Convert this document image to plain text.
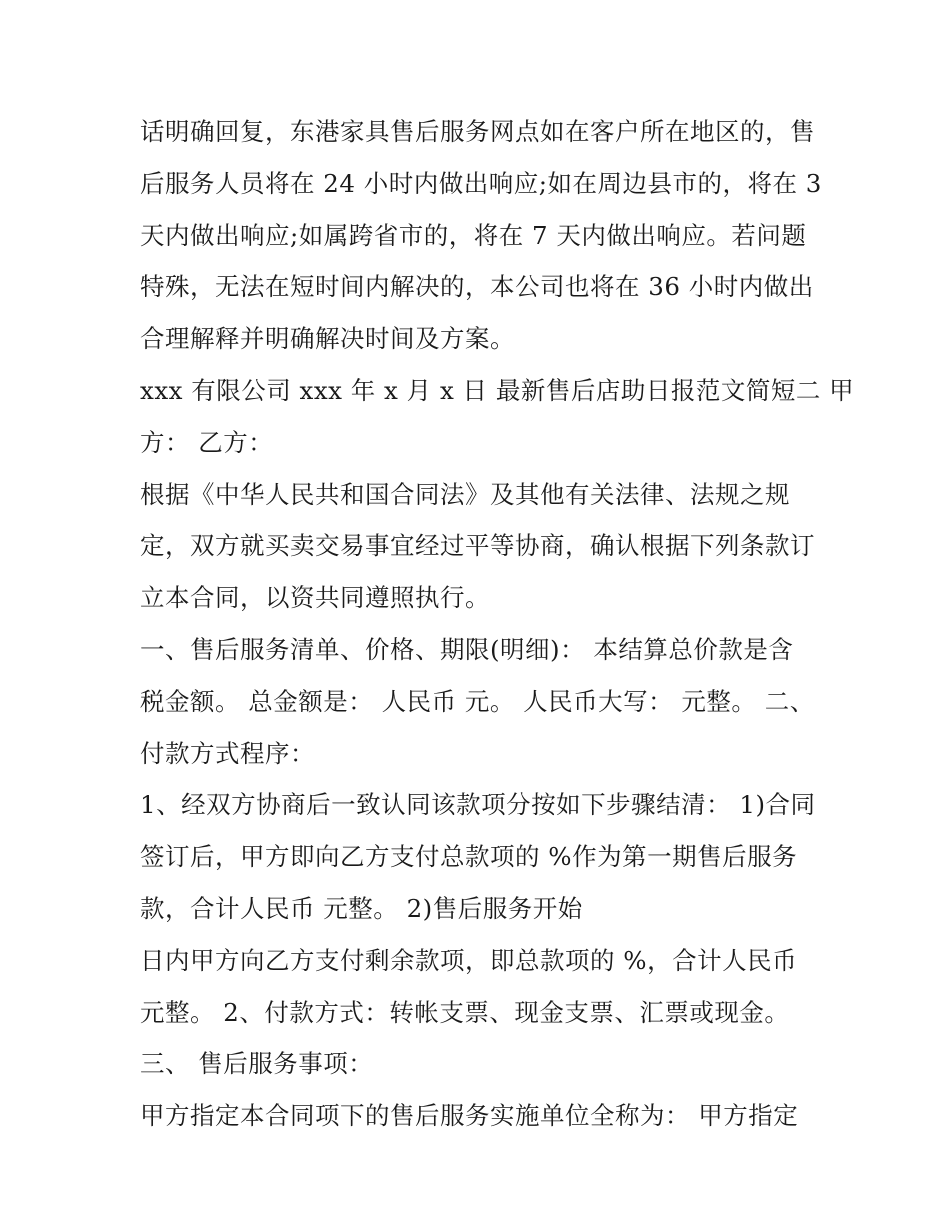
话明确回复，东港家具售后服务网点如在客户所在地区的，售
后服务人员将在 24 小时内做出响应;如在周边县市的，将在 3
天内做出响应;如属跨省市的，将在 7 天内做出响应。若问题
特殊，无法在短时间内解决的，本公司也将在 36 小时内做出
合理解释并明确解决时间及方案。
xxx 有限公司 xxx 年 x 月 x 日 最新售后店助日报范文简短二 甲
方： 乙方：
根据《中华人民共和国合同法》及其他有关法律、法规之规
定，双方就买卖交易事宜经过平等协商，确认根据下列条款订
立本合同，以资共同遵照执行。
一、售后服务清单、价格、期限(明细)： 本结算总价款是含
税金额。 总金额是： 人民币 元。 人民币大写： 元整。 二、
付款方式程序：
1、经双方协商后一致认同该款项分按如下步骤结清： 1)合同
签订后，甲方即向乙方支付总款项的 %作为第一期售后服务
款，合计人民币 元整。 2)售后服务开始
日内甲方向乙方支付剩余款项，即总款项的 %，合计人民币
元整。 2、付款方式：转帐支票、现金支票、汇票或现金。
三、 售后服务事项：
甲方指定本合同项下的售后服务实施单位全称为： 甲方指定
